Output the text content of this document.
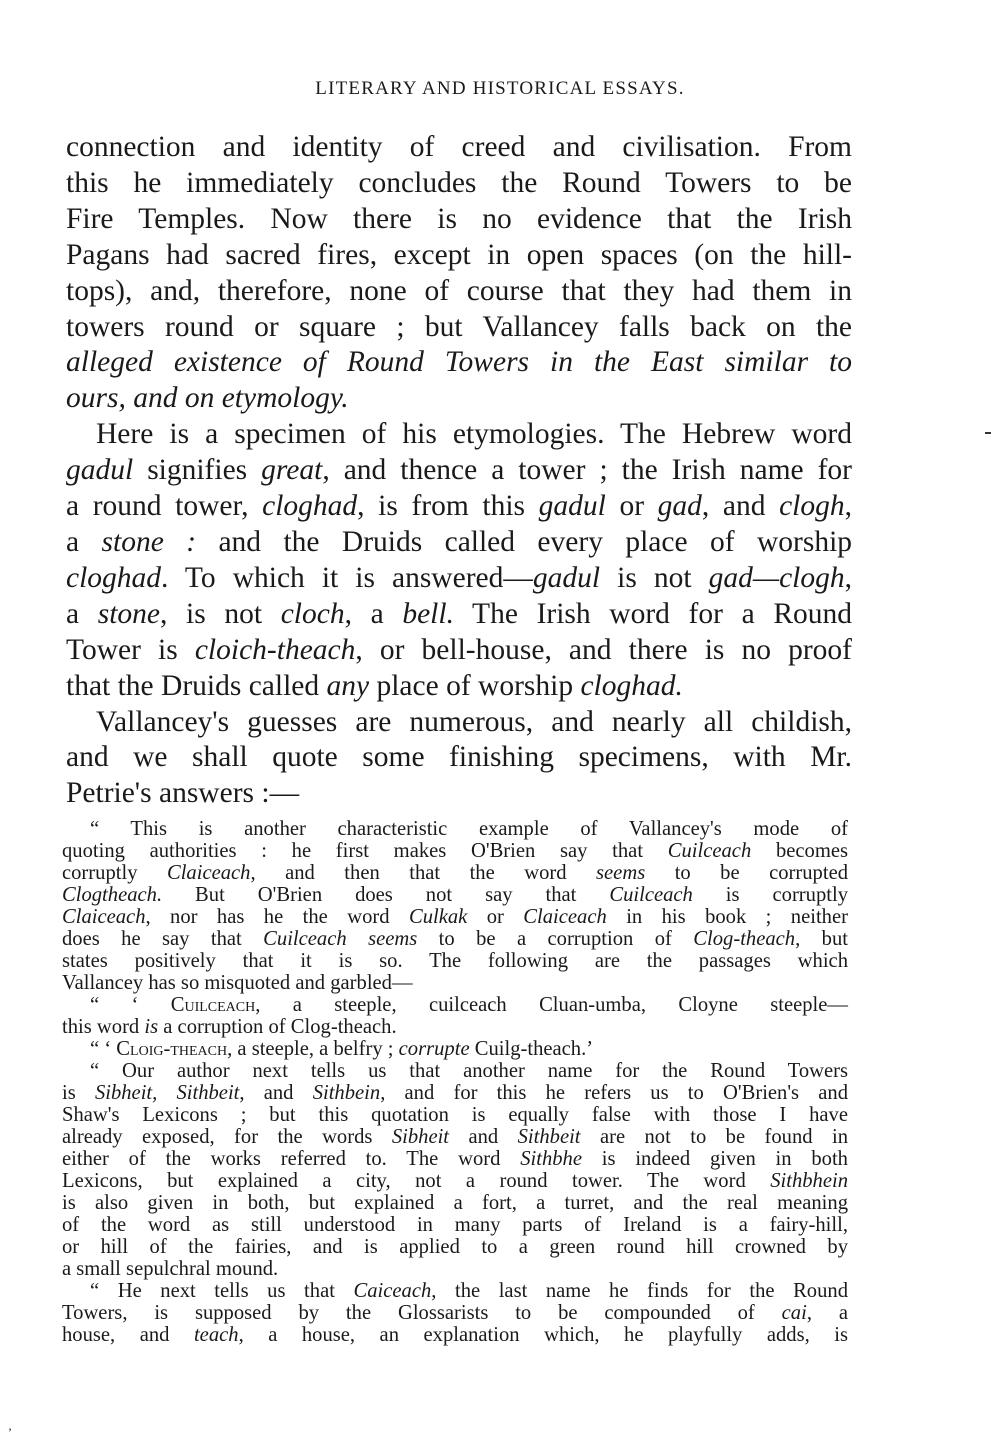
LITERARY AND HISTORICAL ESSAYS.

connection and identity of creed and civilisation. From
this he immediately concludes the Round Towers to be
Fire Temples. Now there is no evidence that the Irish
Pagans had sacred fires, except in open spaces (on the hill-
tops), and, therefore, none of course that they had them in
towers round or square ; but Vallancey falls back on the
alleged existence of Round Towers in the East similar to
ours, and on etymology.

Here is a specimen of his etymologies. The Hebrew word
gadul signifies great, and thence a tower ; the Irish name for
a round tower, cloghad, is from this gadul or gad, and clogh,
a stone : and the Druids called every place of worship
cloghad. To which it is answered—gadul is not gad—clogh,
a stone, is not cloch, a bell. The Irish word for a Round
Tower is cloich-theach, or bell-house, and there is no proof
that the Druids called any place of worship cloghad.

Vallancey's guesses are numerous, and nearly all childish,
and we shall quote some finishing specimens, with Mr.
Petrie's answers :—

“ This is another characteristic example of Vallancey's mode of
quoting authorities : he first makes O'Brien say that Cuilceach becomes
corruptly Claiceach, and then that the word seems to be corrupted
Clogtheach. But O'Brien does not say that Cuilceach is corruptly
Claiceach, nor has he the word Culkak or Claiceach in his book ; neither
does he say that Cuilceach seems to be a corruption of Clog-theach, but
states positively that it is so. The following are the passages which
Vallancey has so misquoted and garbled—
“ ‘ Cuilceach, a steeple, cuilceach Cluan-umba, Cloyne steeple—
this word is a corruption of Clog-theach.
“ ‘ Cloig-theach, a steeple, a belfry ; corrupte Cuilg-theach.’
“ Our author next tells us that another name for the Round Towers
is Sibheit, Sithbeit, and Sithbein, and for this he refers us to O'Brien's and
Shaw's Lexicons ; but this quotation is equally false with those I have
already exposed, for the words Sibheit and Sithbeit are not to be found in
either of the works referred to. The word Sithbhe is indeed given in both
Lexicons, but explained a city, not a round tower. The word Sithbhein
is also given in both, but explained a fort, a turret, and the real meaning
of the word as still understood in many parts of Ireland is a fairy-hill,
or hill of the fairies, and is applied to a green round hill crowned by
a small sepulchral mound.
“ He next tells us that Caiceach, the last name he finds for the Round
Towers, is supposed by the Glossarists to be compounded of cai, a
house, and teach, a house, an explanation which, he playfully adds, is
’
